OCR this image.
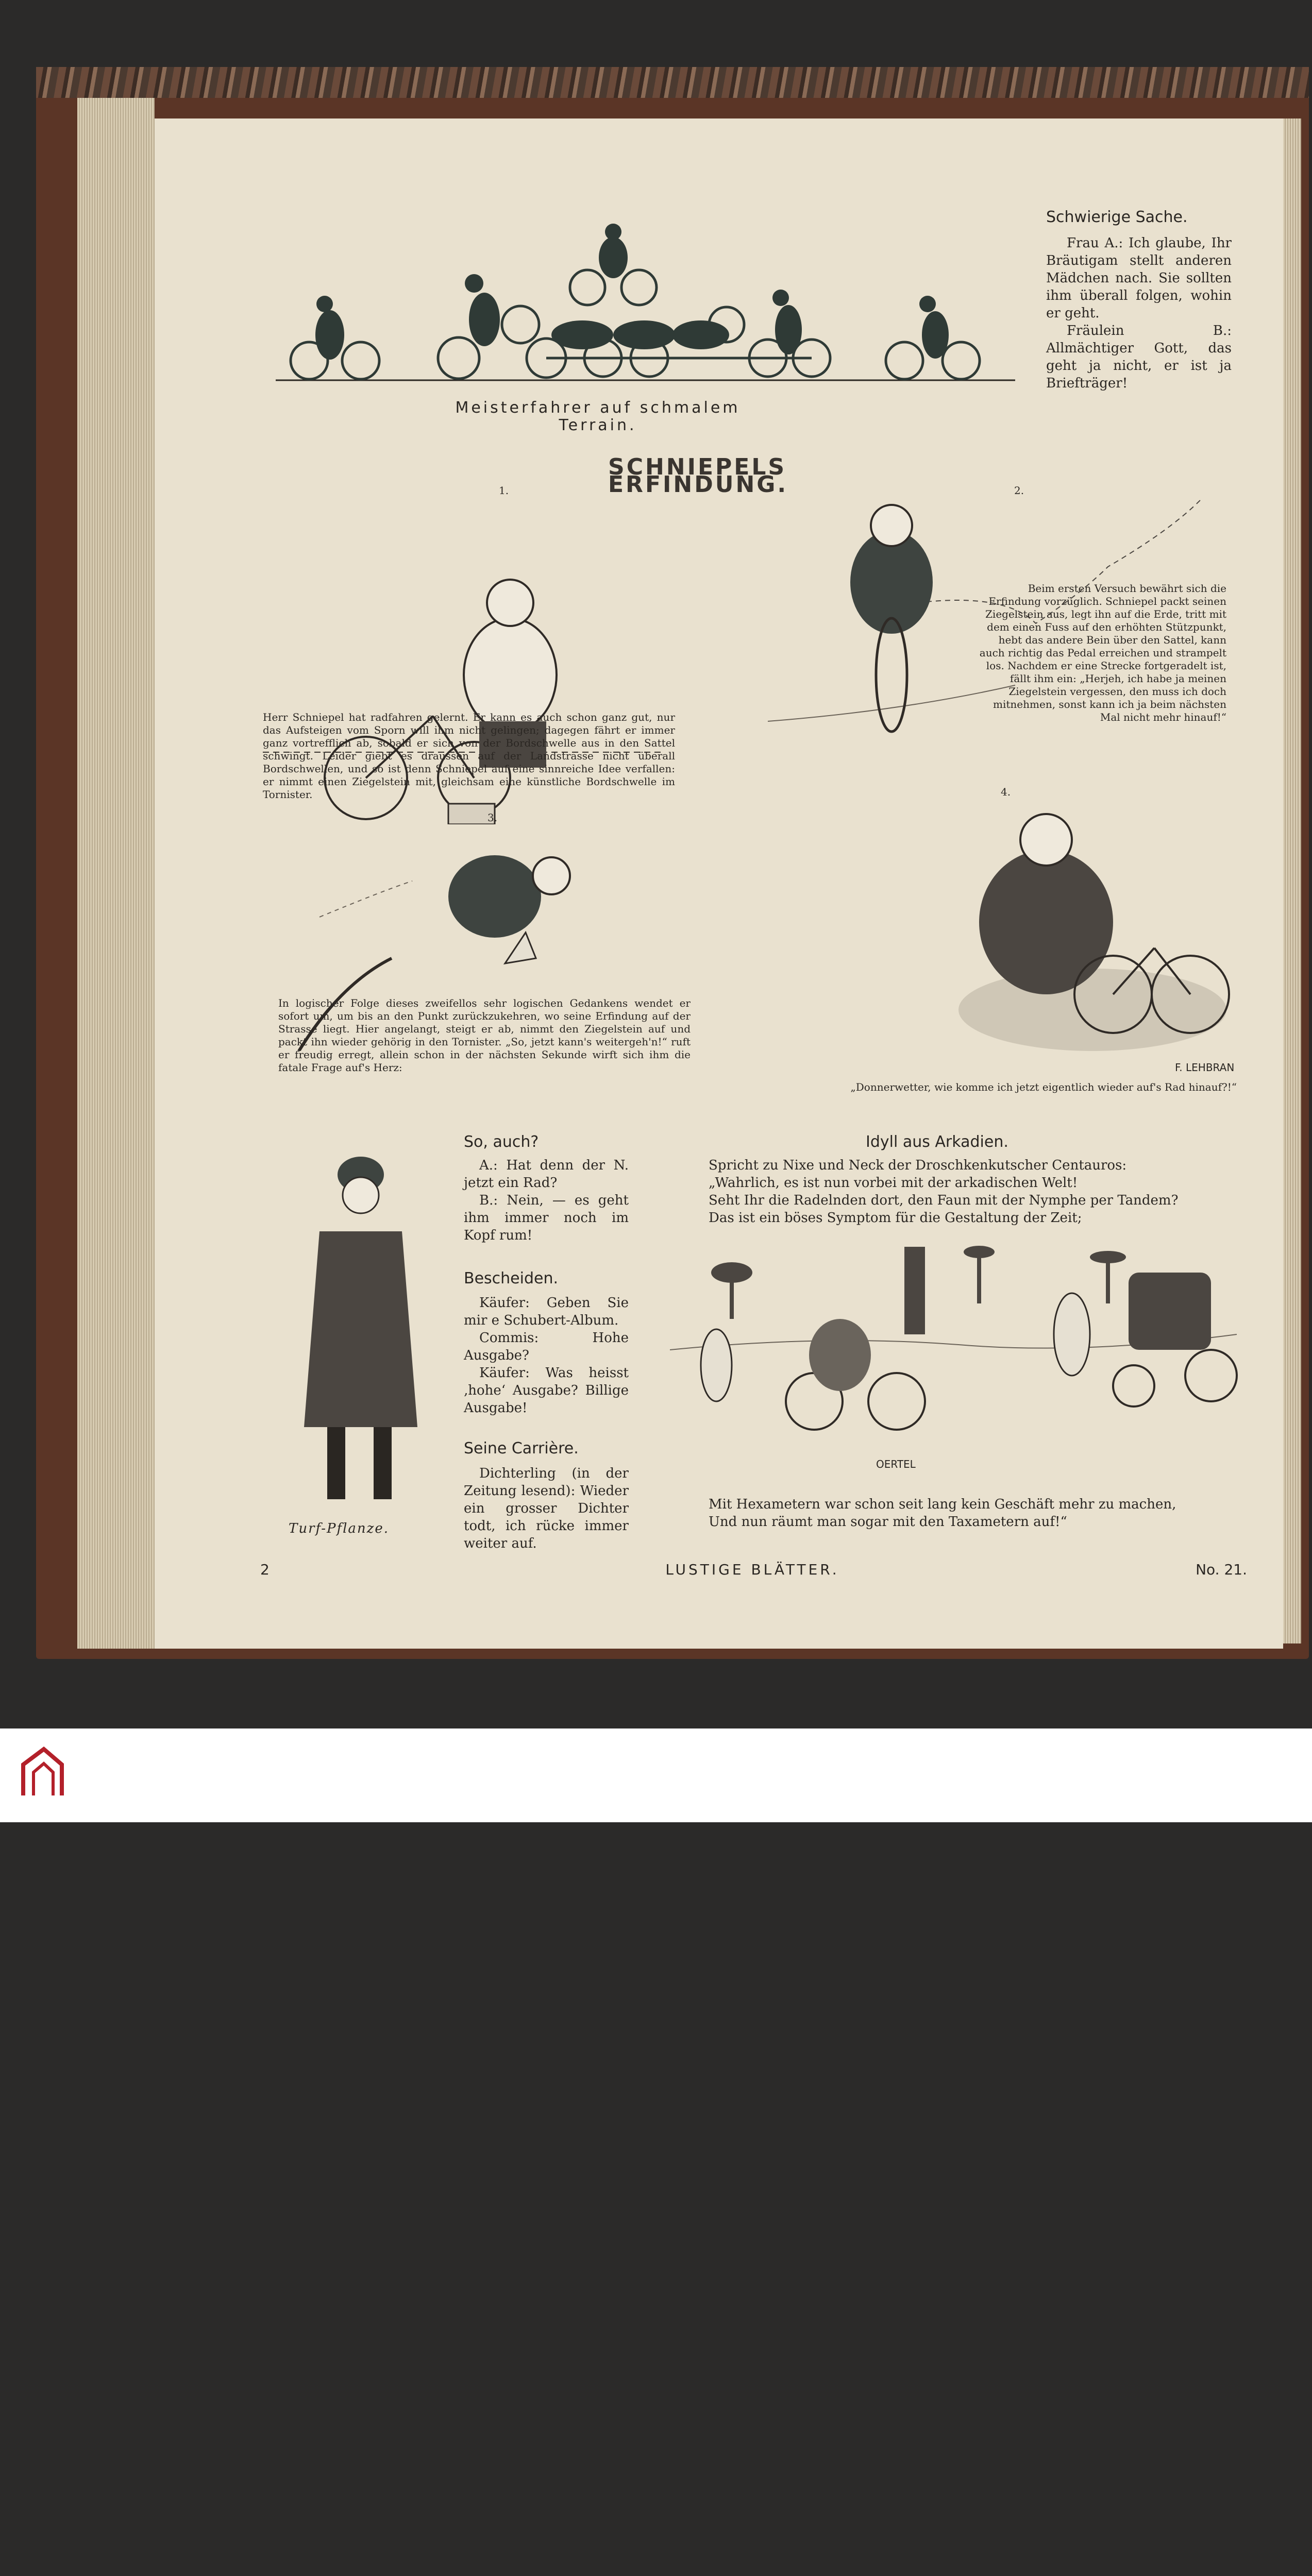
Meisterfahrer auf schmalem Terrain.
Schwierige Sache.
Frau A.: Ich glaube, Ihr Bräutigam stellt anderen Mädchen nach. Sie sollten ihm überall folgen, wohin er geht.
Fräulein B.: Allmächtiger Gott, das geht ja nicht, er ist ja Briefträger!
SCHNIEPELS ERFINDUNG.
1.
Herr Schniepel hat radfahren gelernt. Er kann es auch schon ganz gut, nur das Aufsteigen vom Sporn will ihm nicht gelingen; dagegen fährt er immer ganz vortrefflich ab, sobald er sich von der Bordschwelle aus in den Sattel schwingt. Leider giebt es draussen auf der Landstrasse nicht überall Bordschwellen, und so ist denn Schniepel auf eine sinnreiche Idee verfallen: er nimmt einen Ziegelstein mit, gleichsam eine künstliche Bordschwelle im Tornister.
2.
Beim ersten Versuch bewährt sich die Erfindung vorzüglich. Schniepel packt seinen Ziegelstein aus, legt ihn auf die Erde, tritt mit dem einen Fuss auf den erhöhten Stützpunkt, hebt das andere Bein über den Sattel, kann auch richtig das Pedal erreichen und strampelt los. Nachdem er eine Strecke fortgeradelt ist, fällt ihm ein: „Herjeh, ich habe ja meinen Ziegelstein vergessen, den muss ich doch mitnehmen, sonst kann ich ja beim nächsten Mal nicht mehr hinauf!“
3.
In logischer Folge dieses zweifellos sehr logischen Gedankens wendet er sofort um, um bis an den Punkt zurückzukehren, wo seine Erfindung auf der Strasse liegt. Hier angelangt, steigt er ab, nimmt den Ziegelstein auf und packt ihn wieder gehörig in den Tornister. „So, jetzt kann's weitergeh'n!“ ruft er freudig erregt, allein schon in der nächsten Sekunde wirft sich ihm die fatale Frage auf's Herz:
4.
F. LEHBRAN
„Donnerwetter, wie komme ich jetzt eigentlich wieder auf's Rad hinauf?!“
Turf-Pflanze.
So, auch?
A.: Hat denn der N. jetzt ein Rad?
B.: Nein, — es geht ihm immer noch im Kopf rum!
Bescheiden.
Käufer: Geben Sie mir e Schubert-Album.
Commis: Hohe Ausgabe?
Käufer: Was heisst ‚hohe‘ Ausgabe? Billige Ausgabe!
Seine Carrière.
Dichterling (in der Zeitung lesend): Wieder ein grosser Dichter todt, ich rücke immer weiter auf.
Idyll aus Arkadien.
Spricht zu Nixe und Neck der Droschkenkutscher Centauros:
„Wahrlich, es ist nun vorbei mit der arkadischen Welt!
Seht Ihr die Radelnden dort, den Faun mit der Nymphe per Tandem?
Das ist ein böses Symptom für die Gestaltung der Zeit;
OERTEL
Mit Hexametern war schon seit lang kein Geschäft mehr zu machen,
Und nun räumt man sogar mit den Taxametern auf!“
2	LUSTIGE BLÄTTER.	No. 21.
